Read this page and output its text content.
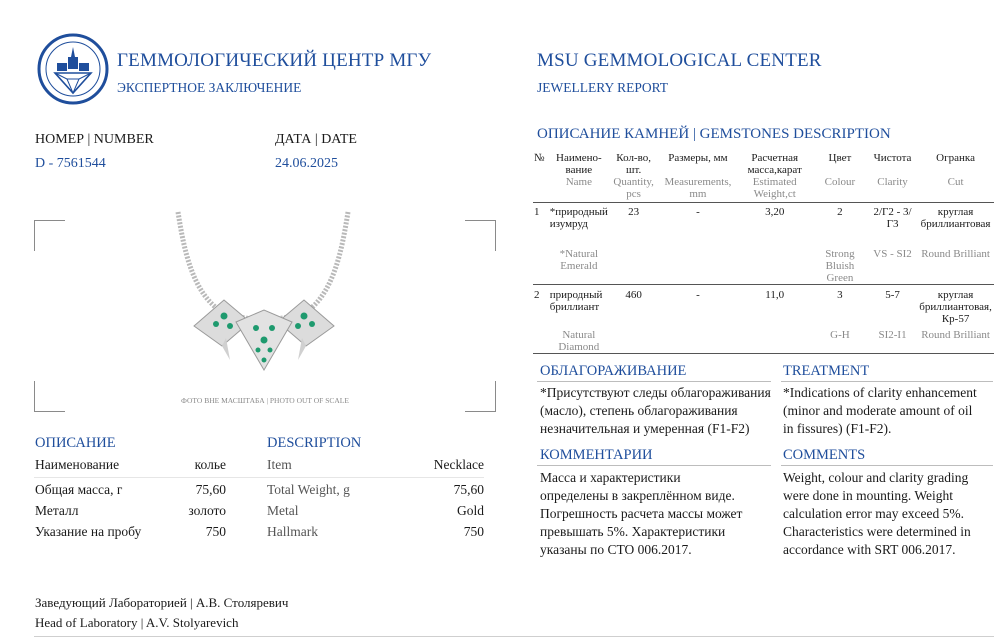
ГЕММОЛОГИЧЕСКИЙ ЦЕНТР МГУ
ЭКСПЕРТНОЕ ЗАКЛЮЧЕНИЕ
MSU GEMMOLOGICAL CENTER
JEWELLERY REPORT
НОМЕР | NUMBER
D - 7561544
ДАТА | DATE
24.06.2025
ФОТО ВНЕ МАСШТАБА | PHOTO OUT OF SCALE
ОПИСАНИЕ	DESCRIPTION
Наименование	колье	Item	Necklace
Общая масса, г	75,60	Total Weight, g	75,60
Металл	золото	Metal	Gold
Указание на пробу	750	Hallmark	750
ОПИСАНИЕ КАМНЕЙ | GEMSTONES DESCRIPTION
№	Наимено-вание	Кол-во, шт.	Размеры, мм	Расчетная масса,карат	Цвет	Чистота	Огранка
	Name	Quantity, pcs	Measurements, mm	Estimated Weight,ct	Colour	Clarity	Cut

1	*природный изумруд	23	-	3,20	2	2/Г2 - 3/Г3	круглая бриллиантовая
	*Natural Emerald				Strong Bluish Green	VS - SI2	Round Brilliant

2	природный бриллиант	460	-	11,0	3	5-7	круглая бриллиантовая, Кр-57
	Natural Diamond				G-H	SI2-I1	Round Brilliant

ОБЛАГОРАЖИВАНИЕ	TREATMENT
*Присутствуют следы облагораживания
(масло), степень облагораживания
незначительная и умеренная (F1-F2)
*Indications of clarity enhancement
(minor and moderate amount of oil
in fissures) (F1-F2).
КОММЕНТАРИИ	COMMENTS
Масса и характеристики
определены в закреплённом виде.
Погрешность расчета массы может
превышать 5%. Характеристики
указаны по СТО 006.2017.
Weight, colour and clarity grading
were done in mounting. Weight
calculation error may exceed 5%.
Characteristics were determined in
accordance with SRT 006.2017.
Заведующий Лабораторией | А.В. Столяревич
Head of Laboratory | A.V. Stolyarevich
